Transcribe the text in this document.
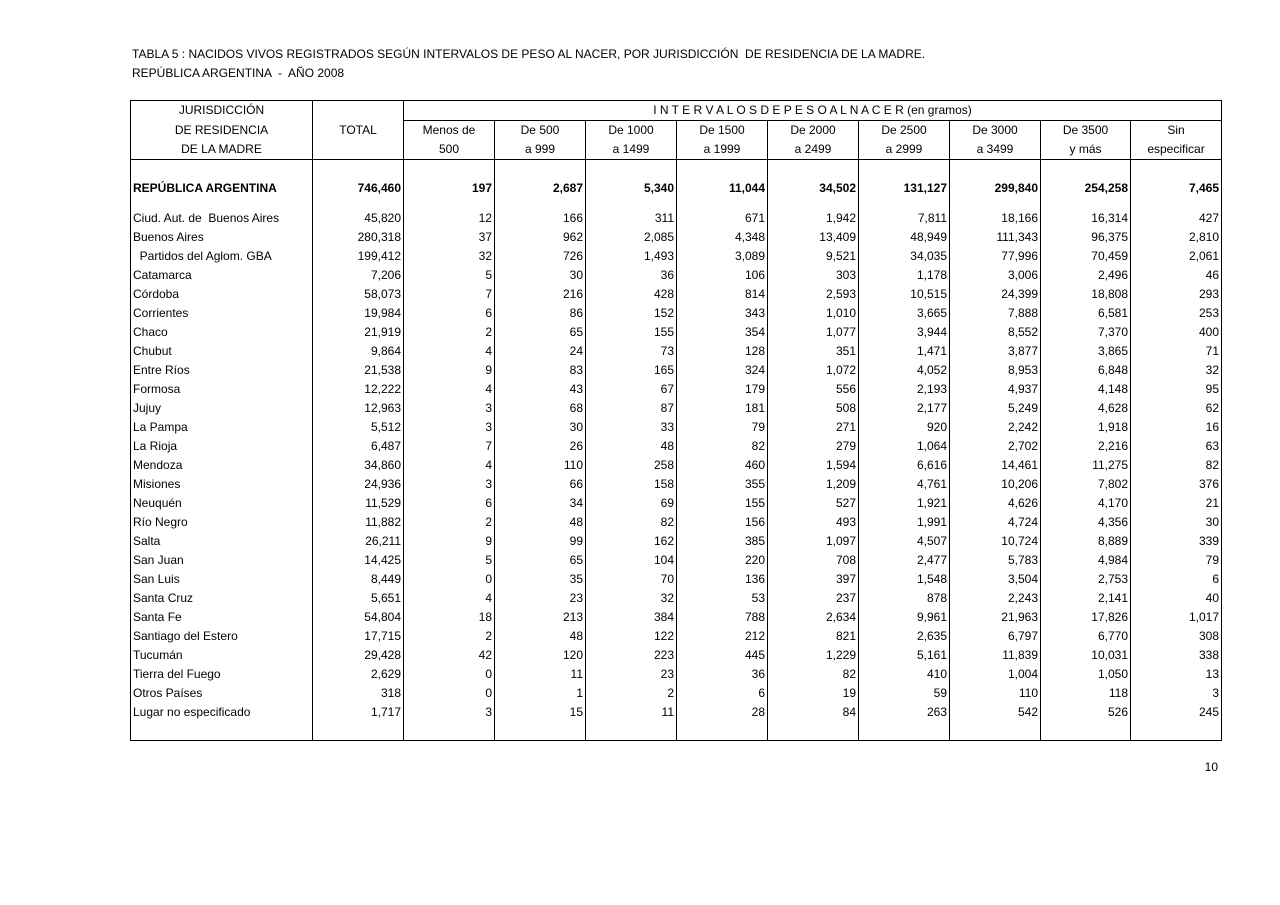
TABLA 5 : NACIDOS VIVOS REGISTRADOS SEGÚN INTERVALOS DE PESO AL NACER, POR JURISDICCIÓN  DE RESIDENCIA DE LA MADRE.
REPÚBLICA ARGENTINA  -  AÑO 2008
JURISDICCIÓN		I N T E R V A L O S D E P E S O A L N A C E R (en gramos)								
DE RESIDENCIA	TOTAL	Menos de	De 500	De 1000	De 1500	De 2000	De 2500	De 3000	De 3500	Sin
DE LA MADRE		500	a 999	a 1499	a 1999	a 2499	a 2999	a 3499	y más	especificar

REPÚBLICA ARGENTINA	746,460	197	2,687	5,340	11,044	34,502	131,127	299,840	254,258	7,465

Ciud. Aut. de  Buenos Aires	45,820	12	166	311	671	1,942	7,811	18,166	16,314	427
Buenos Aires	280,318	37	962	2,085	4,348	13,409	48,949	111,343	96,375	2,810
Partidos del Aglom. GBA	199,412	32	726	1,493	3,089	9,521	34,035	77,996	70,459	2,061
Catamarca	7,206	5	30	36	106	303	1,178	3,006	2,496	46
Córdoba	58,073	7	216	428	814	2,593	10,515	24,399	18,808	293
Corrientes	19,984	6	86	152	343	1,010	3,665	7,888	6,581	253
Chaco	21,919	2	65	155	354	1,077	3,944	8,552	7,370	400
Chubut	9,864	4	24	73	128	351	1,471	3,877	3,865	71
Entre Ríos	21,538	9	83	165	324	1,072	4,052	8,953	6,848	32
Formosa	12,222	4	43	67	179	556	2,193	4,937	4,148	95
Jujuy	12,963	3	68	87	181	508	2,177	5,249	4,628	62
La Pampa	5,512	3	30	33	79	271	920	2,242	1,918	16
La Rioja	6,487	7	26	48	82	279	1,064	2,702	2,216	63
Mendoza	34,860	4	110	258	460	1,594	6,616	14,461	11,275	82
Misiones	24,936	3	66	158	355	1,209	4,761	10,206	7,802	376
Neuquén	11,529	6	34	69	155	527	1,921	4,626	4,170	21
Río Negro	11,882	2	48	82	156	493	1,991	4,724	4,356	30
Salta	26,211	9	99	162	385	1,097	4,507	10,724	8,889	339
San Juan	14,425	5	65	104	220	708	2,477	5,783	4,984	79
San Luis	8,449	0	35	70	136	397	1,548	3,504	2,753	6
Santa Cruz	5,651	4	23	32	53	237	878	2,243	2,141	40
Santa Fe	54,804	18	213	384	788	2,634	9,961	21,963	17,826	1,017
Santiago del Estero	17,715	2	48	122	212	821	2,635	6,797	6,770	308
Tucumán	29,428	42	120	223	445	1,229	5,161	11,839	10,031	338
Tierra del Fuego	2,629	0	11	23	36	82	410	1,004	1,050	13
Otros Países	318	0	1	2	6	19	59	110	118	3
Lugar no especificado	1,717	3	15	11	28	84	263	542	526	245

10
